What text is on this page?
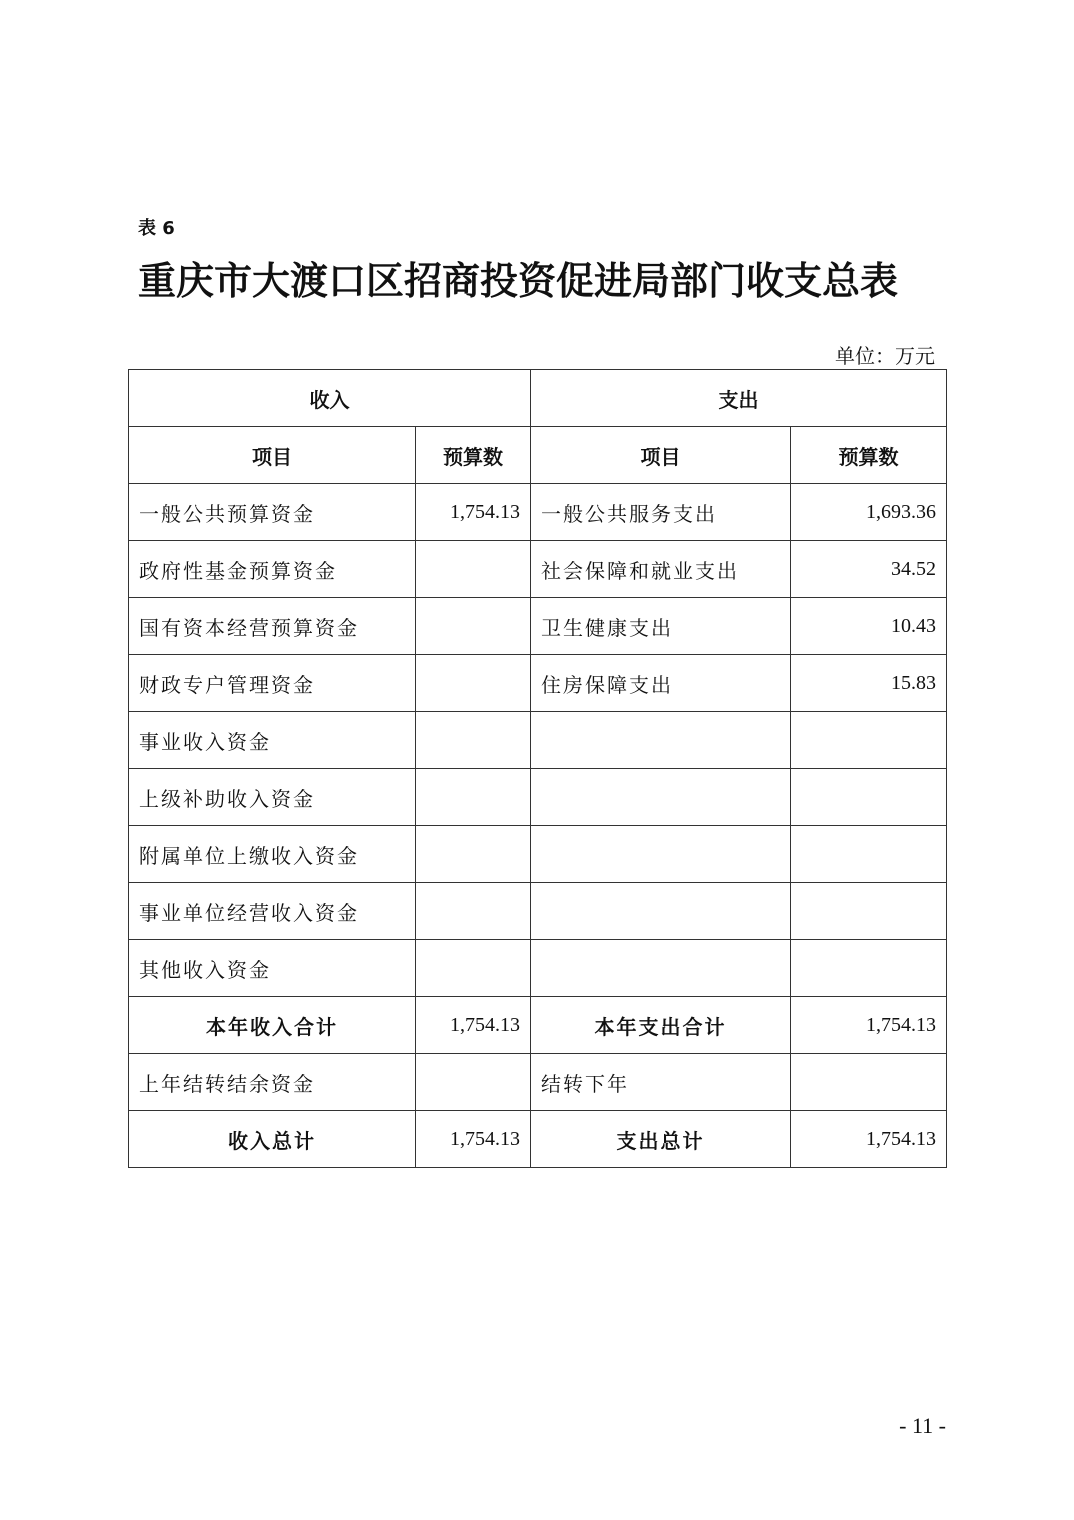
表 6
重庆市大渡口区招商投资促进局部门收支总表
单位：万元
收入		支出	
项目	预算数	项目	预算数
一般公共预算资金	1,754.13	一般公共服务支出	1,693.36
政府性基金预算资金		社会保障和就业支出	34.52
国有资本经营预算资金		卫生健康支出	10.43
财政专户管理资金		住房保障支出	15.83
事业收入资金			
上级补助收入资金			
附属单位上缴收入资金			
事业单位经营收入资金			
其他收入资金			
本年收入合计	1,754.13	本年支出合计	1,754.13
上年结转结余资金		结转下年	
收入总计	1,754.13	支出总计	1,754.13
- 11 -
